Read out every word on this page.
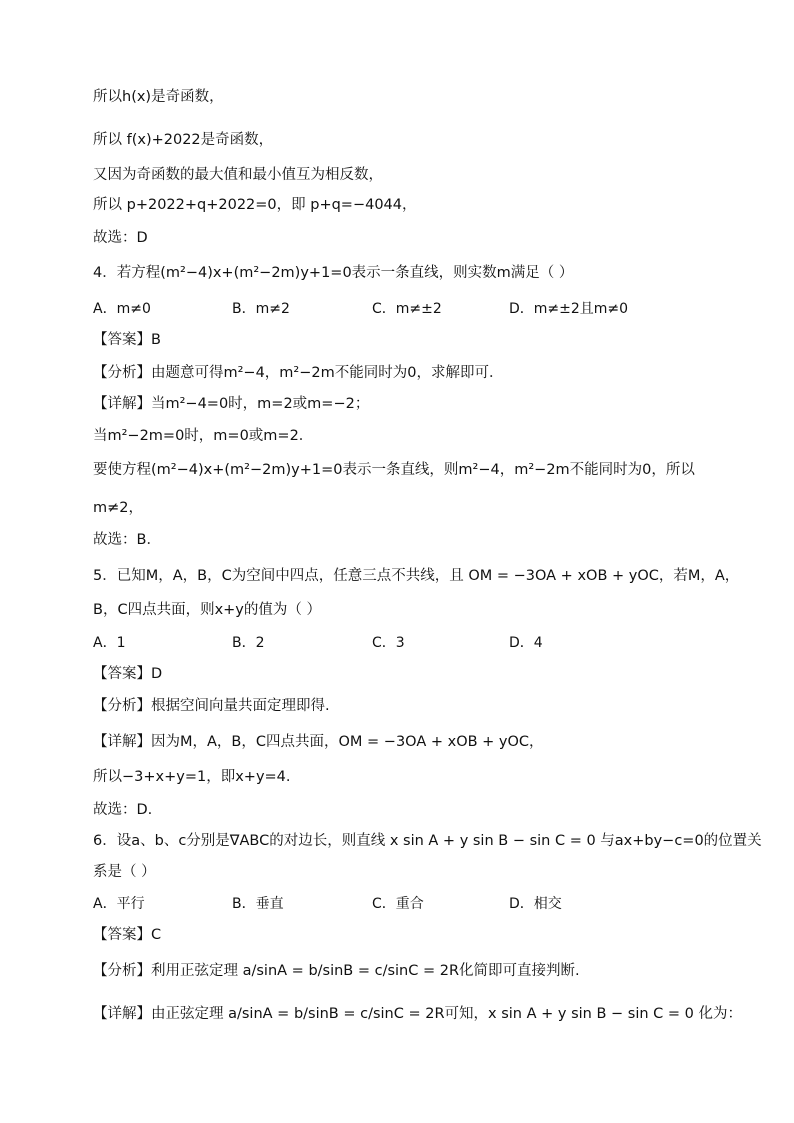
所以h(x)是奇函数，
所以 f(x)+2022是奇函数，
又因为奇函数的最大值和最小值互为相反数，
所以 p+2022+q+2022=0，即 p+q=−4044，
故选：D
4．若方程(m²−4)x+(m²−2m)y+1=0表示一条直线，则实数m满足（ ）
A．m≠0	B．m≠2	C．m≠±2	D．m≠±2且m≠0
【答案】B
【分析】由题意可得m²−4，m²−2m不能同时为0，求解即可．
【详解】当m²−4=0时，m=2或m=−2；
当m²−2m=0时，m=0或m=2．
要使方程(m²−4)x+(m²−2m)y+1=0表示一条直线，则m²−4，m²−2m不能同时为0，所以
m≠2，
故选：B．
5．已知M，A，B，C为空间中四点，任意三点不共线，且 OM = −3OA + xOB + yOC，若M，A，
B，C四点共面，则x+y的值为（ ）
A．1	B．2	C．3	D．4
【答案】D
【分析】根据空间向量共面定理即得.
【详解】因为M，A，B，C四点共面，OM = −3OA + xOB + yOC，
所以−3+x+y=1，即x+y=4.
故选：D.
6．设a、b、c分别是∇ABC的对边长，则直线 x sin A + y sin B − sin C = 0 与ax+by−c=0的位置关
系是（ ）
A．平行	B．垂直	C．重合	D．相交
【答案】C
【分析】利用正弦定理 a/sinA = b/sinB = c/sinC = 2R化简即可直接判断.
【详解】由正弦定理 a/sinA = b/sinB = c/sinC = 2R可知，x sin A + y sin B − sin C = 0 化为：
